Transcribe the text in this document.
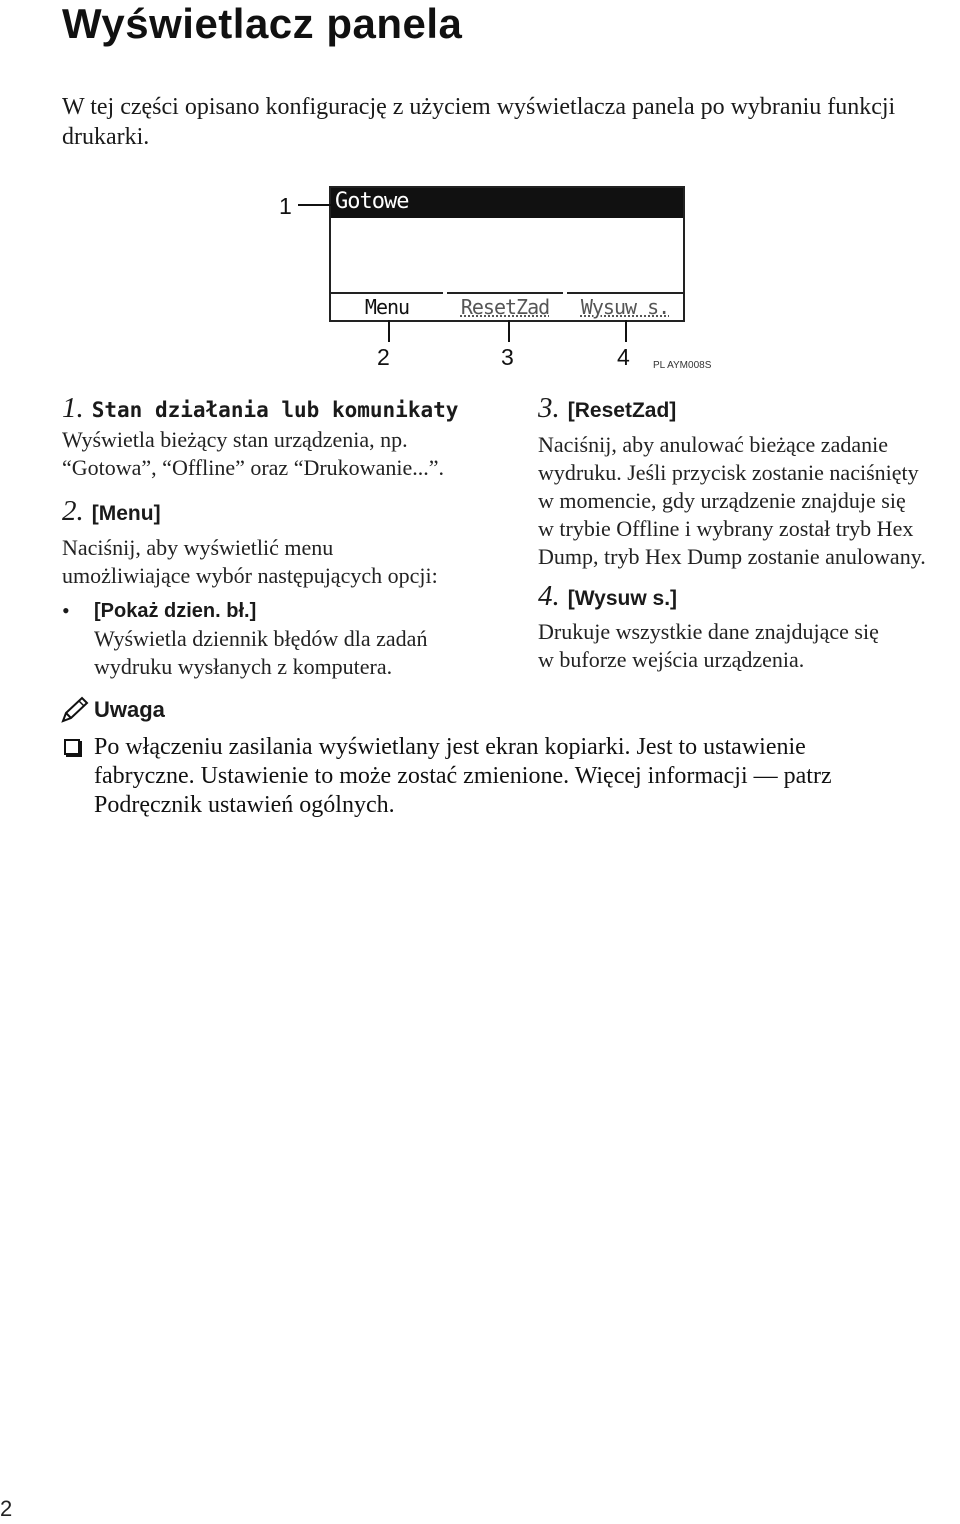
Wyświetlacz panela
W tej części opisano konfigurację z użyciem wyświetlacza panela po wybraniu funkcji drukarki.
Gotowe
Menu	ResetZad	Wysuw s.
1
2	3	4 PL AYM008S
1. Stan działania lub komunikaty
Wyświetla bieżący stan urządzenia, np.
“Gotowa”, “Offline” oraz “Drukowanie...”.
2. [Menu]
Naciśnij, aby wyświetlić menu
umożliwiające wybór następujących opcji:
• [Pokaż dzien. bł.]
Wyświetla dziennik błędów dla zadań
wydruku wysłanych z komputera.
3. [ResetZad]
Naciśnij, aby anulować bieżące zadanie
wydruku. Jeśli przycisk zostanie naciśnięty
w momencie, gdy urządzenie znajduje się
w trybie Offline i wybrany został tryb Hex
Dump, tryb Hex Dump zostanie anulowany.
4. [Wysuw s.]
Drukuje wszystkie dane znajdujące się
w buforze wejścia urządzenia.
Uwaga
Po włączeniu zasilania wyświetlany jest ekran kopiarki. Jest to ustawienie
fabryczne. Ustawienie to może zostać zmienione. Więcej informacji — patrz
Podręcznik ustawień ogólnych.
2
